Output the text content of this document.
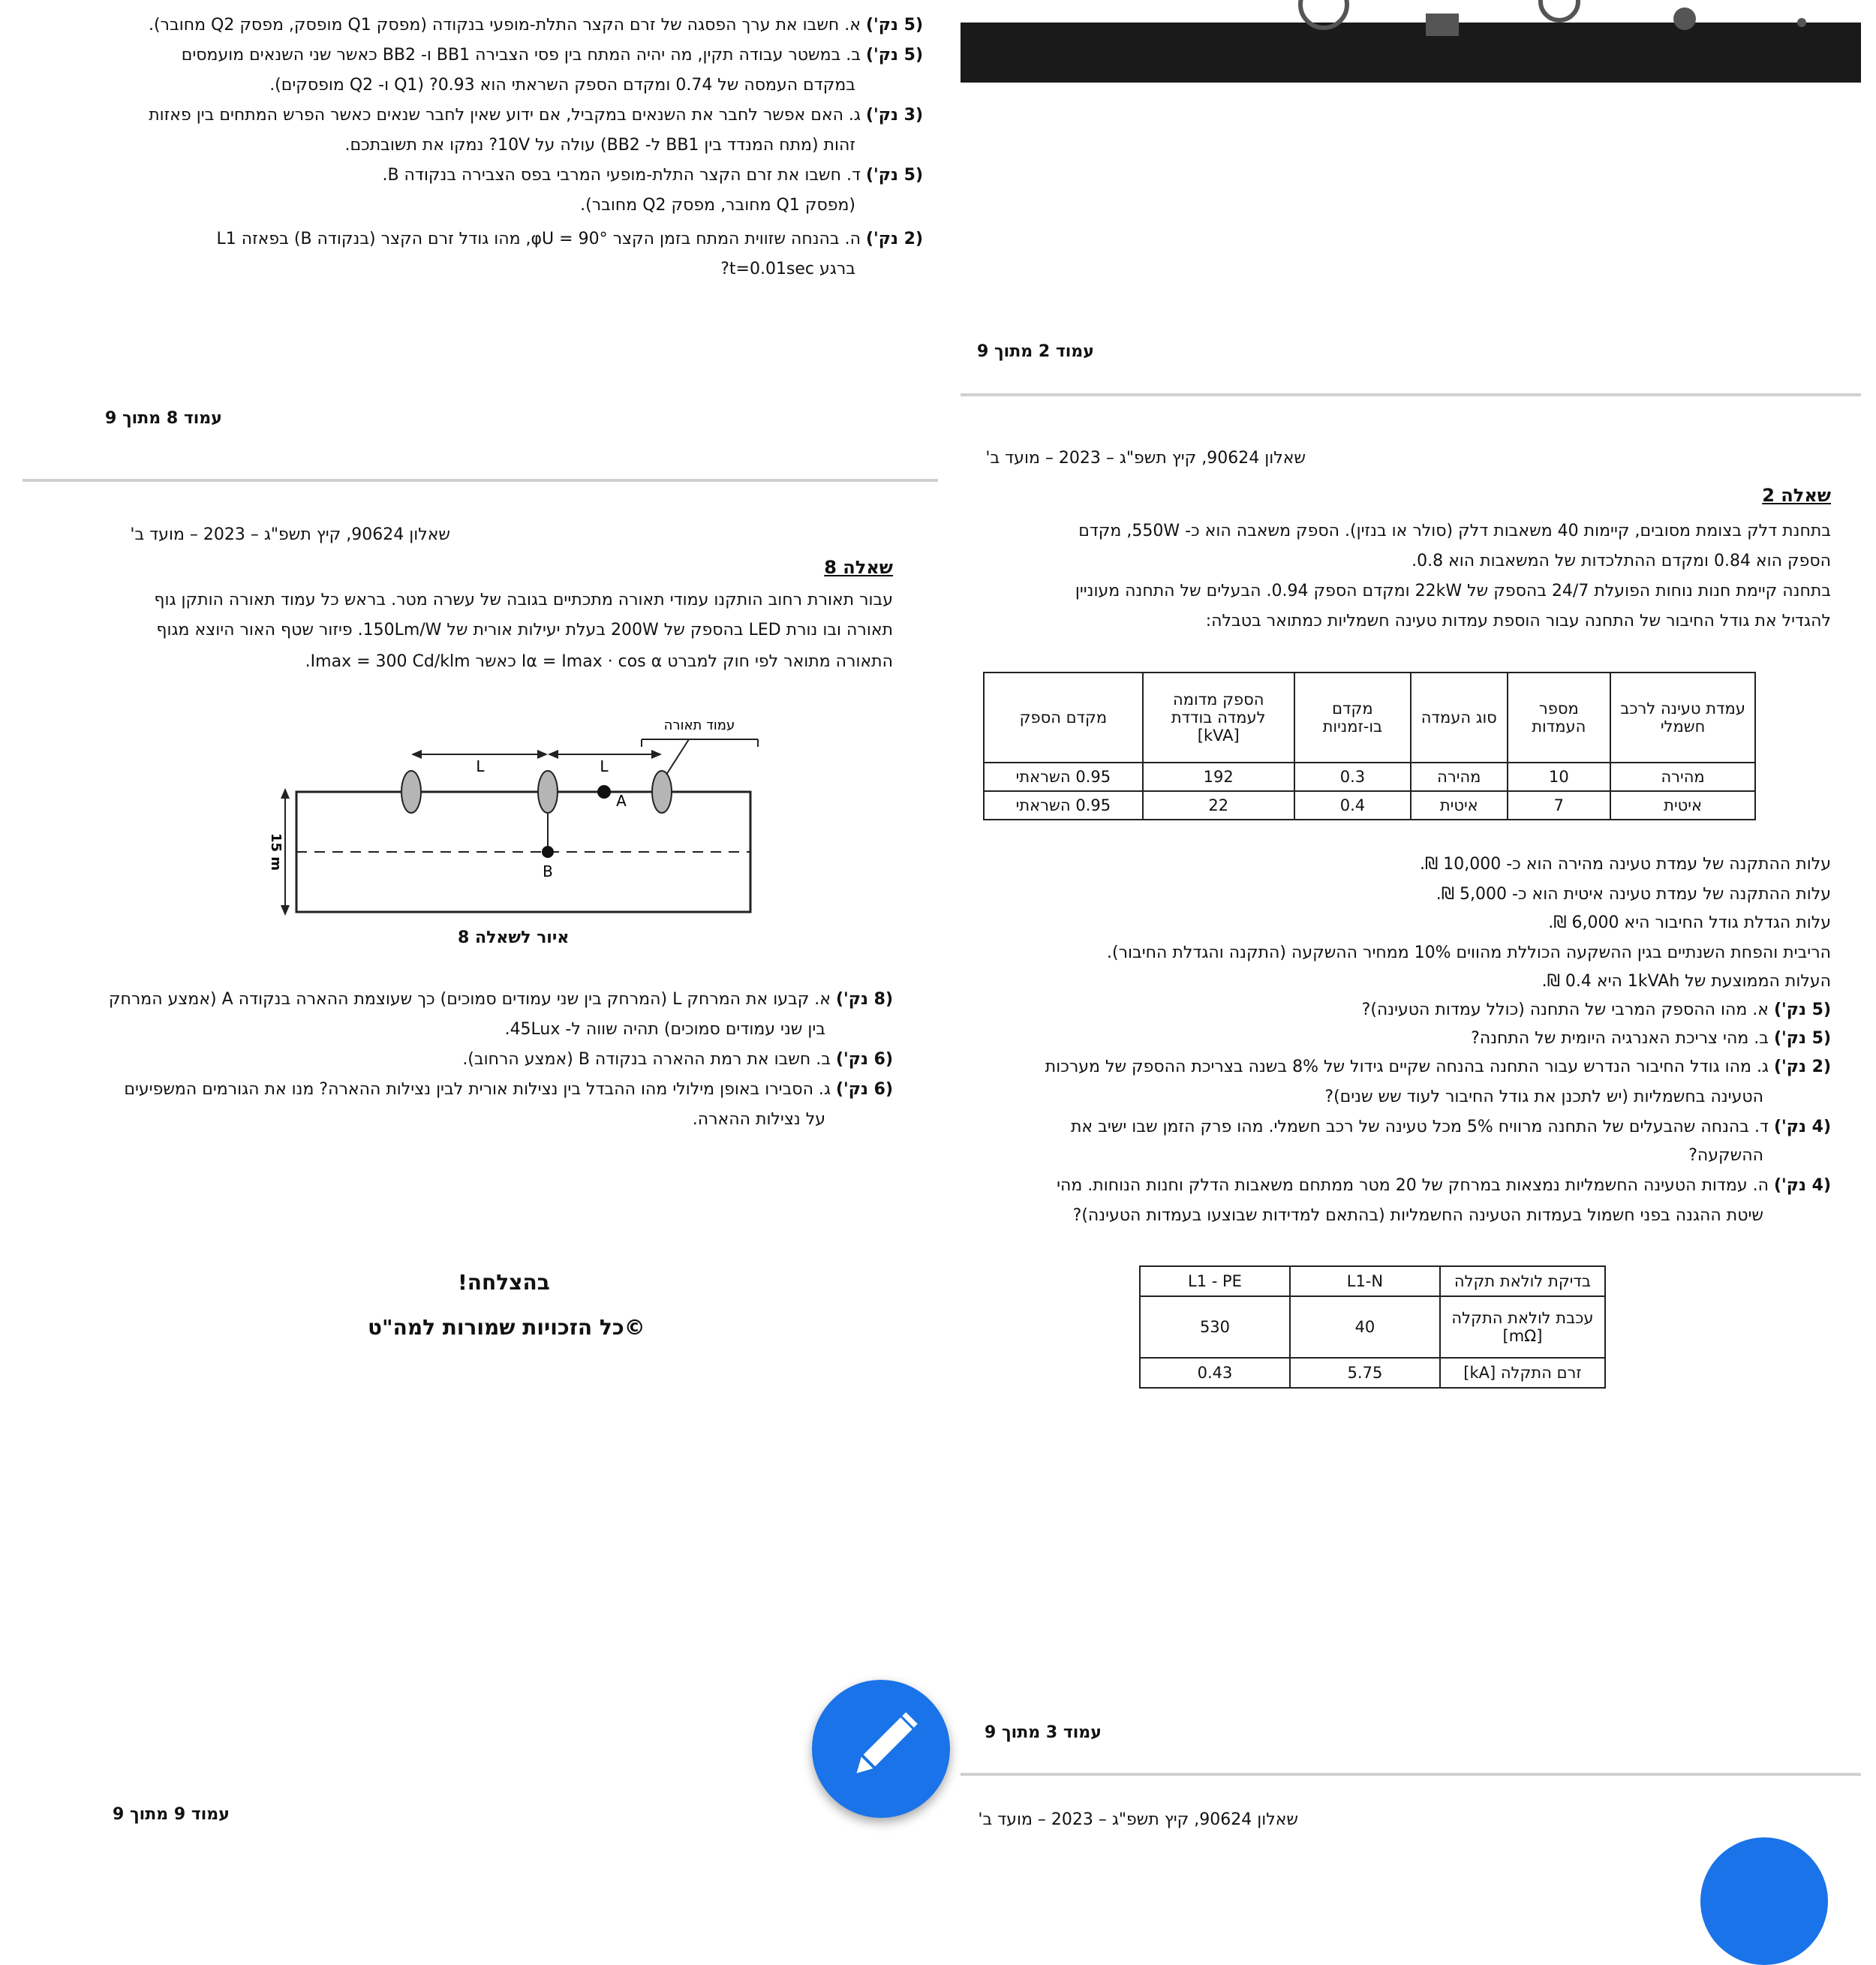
(5 נק') א. חשבו את ערך הפסגה של זרם הקצר התלת-מופעי בנקודה (מפסק Q1 מופסק, מפסק Q2 מחובר).
(5 נק') ב. במשטר עבודה תקין, מה יהיה המתח בין פסי הצבירה BB1 ו- BB2 כאשר שני השנאים מועמסים
במקדם העמסה של 0.74 ומקדם הספק השראתי הוא 0.93? (Q1 ו- Q2 מופסקים).
(3 נק') ג. האם אפשר לחבר את השנאים במקביל, אם ידוע שאין לחבר שנאים כאשר הפרש המתחים בין פאזות
זהות (מתח המנדד בין BB1 ל- BB2) עולה על 10V? נמקו את תשובתכם.
(5 נק') ד. חשבו את זרם הקצר התלת-מופעי המרבי בפס הצבירה בנקודה B.
(מפסק Q1 מחובר, מפסק Q2 מחובר).
(2 נק') ה. בהנחה שזווית המתח בזמן הקצר φU = 90°, מהו גודל זרם הקצר (בנקודה B) בפאזה L1
ברגע t=0.01sec?
עמוד 8 מתוך 9
שאלון 90624, קיץ תשפ"ג – 2023 – מועד ב'
שאלה 8
עבור תאורת רחוב הותקנו עמודי תאורה מתכתיים בגובה של עשרה מטר. בראש כל עמוד תאורה הותקן גוף
תאורה ובו נורת LED בהספק של 200W בעלת יעילות אורית של 150Lm/W. פיזור שטף האור היוצא מגוף
התאורה מתואר לפי חוק למברט Iα = Imax · cos α כאשר Imax = 300 Cd/klm.
15 m
L	L
עמוד תאורה
A
B
איור לשאלה 8
(8 נק') א. קבעו את המרחק L (המרחק בין שני עמודים סמוכים) כך שעוצמת ההארה בנקודה A (אמצע המרחק
בין שני עמודים סמוכים) תהיה שווה ל- 45Lux.
(6 נק') ב. חשבו את רמת ההארה בנקודה B (אמצע הרחוב).
(6 נק') ג. הסבירו באופן מילולי מהו ההבדל בין נצילות אורית לבין נצילות ההארה? מנו את הגורמים המשפיעים
על נצילות ההארה.
בהצלחה!
©כל הזכויות שמורות למה"ט
עמוד 9 מתוך 9
עמוד 2 מתוך 9
שאלון 90624, קיץ תשפ"ג – 2023 – מועד ב'
שאלה 2
בתחנת דלק בצומת מסובים, קיימות 40 משאבות דלק (סולר או בנזין). הספק משאבה הוא כ- 550W, מקדם
הספק הוא 0.84 ומקדם ההתלכדות של המשאבות הוא 0.8.
בתחנה קיימת חנות נוחות הפועלת 24/7 בהספק של 22kW ומקדם הספק 0.94. הבעלים של התחנה מעוניין
להגדיל את גודל החיבור של התחנה עבור הוספת עמדות טעינה חשמליות כמתואר בטבלה:
עמדת טעינה לרכב חשמלי	מספר העמדות	סוג העמדה	מקדם בו-זמניות	הספק מדומה לעמדה בודדת [kVA]	מקדם הספק
מהירה	10	מהירה	0.3	192	0.95 השראתי
איטית	7	איטית	0.4	22	0.95 השראתי
עלות ההתקנה של עמדת טעינה מהירה הוא כ- 10,000 ₪.
עלות ההתקנה של עמדת טעינה איטית הוא כ- 5,000 ₪.
עלות הגדלת גודל החיבור היא 6,000 ₪.
הריבית והפחת השנתיים בגין ההשקעה הכוללת מהווים 10% ממחיר ההשקעה (התקנה והגדלת החיבור).
העלות הממוצעת של 1kVAh היא 0.4 ₪.
(5 נק') א. מהו ההספק המרבי של התחנה (כולל עמדות הטעינה)?
(5 נק') ב. מהי צריכת האנרגיה היומית של התחנה?
(2 נק') ג. מהו גודל החיבור הנדרש עבור התחנה בהנחה שקיים גידול של 8% בשנה בצריכת ההספק של מערכות
הטעינה בחשמליות (יש לתכנן את גודל החיבור לעוד שש שנים)?
(4 נק') ד. בהנחה שהבעלים של התחנה מרוויח 5% מכל טעינה של רכב חשמלי. מהו פרק הזמן שבו ישיב את
ההשקעה?
(4 נק') ה. עמדות הטעינה החשמליות נמצאות במרחק של 20 מטר ממתחם משאבות הדלק וחנות הנוחות. מהי
שיטת ההגנה בפני חשמול בעמדות הטעינה החשמליות (בהתאם למדידות שבוצעו בעמדות הטעינה)?
בדיקת לולאת תקלה	L1-N	L1 - PE
עכבת לולאת התקלה [mΩ]	40	530
זרם התקלה [kA]	5.75	0.43
עמוד 3 מתוך 9
שאלון 90624, קיץ תשפ"ג – 2023 – מועד ב'
